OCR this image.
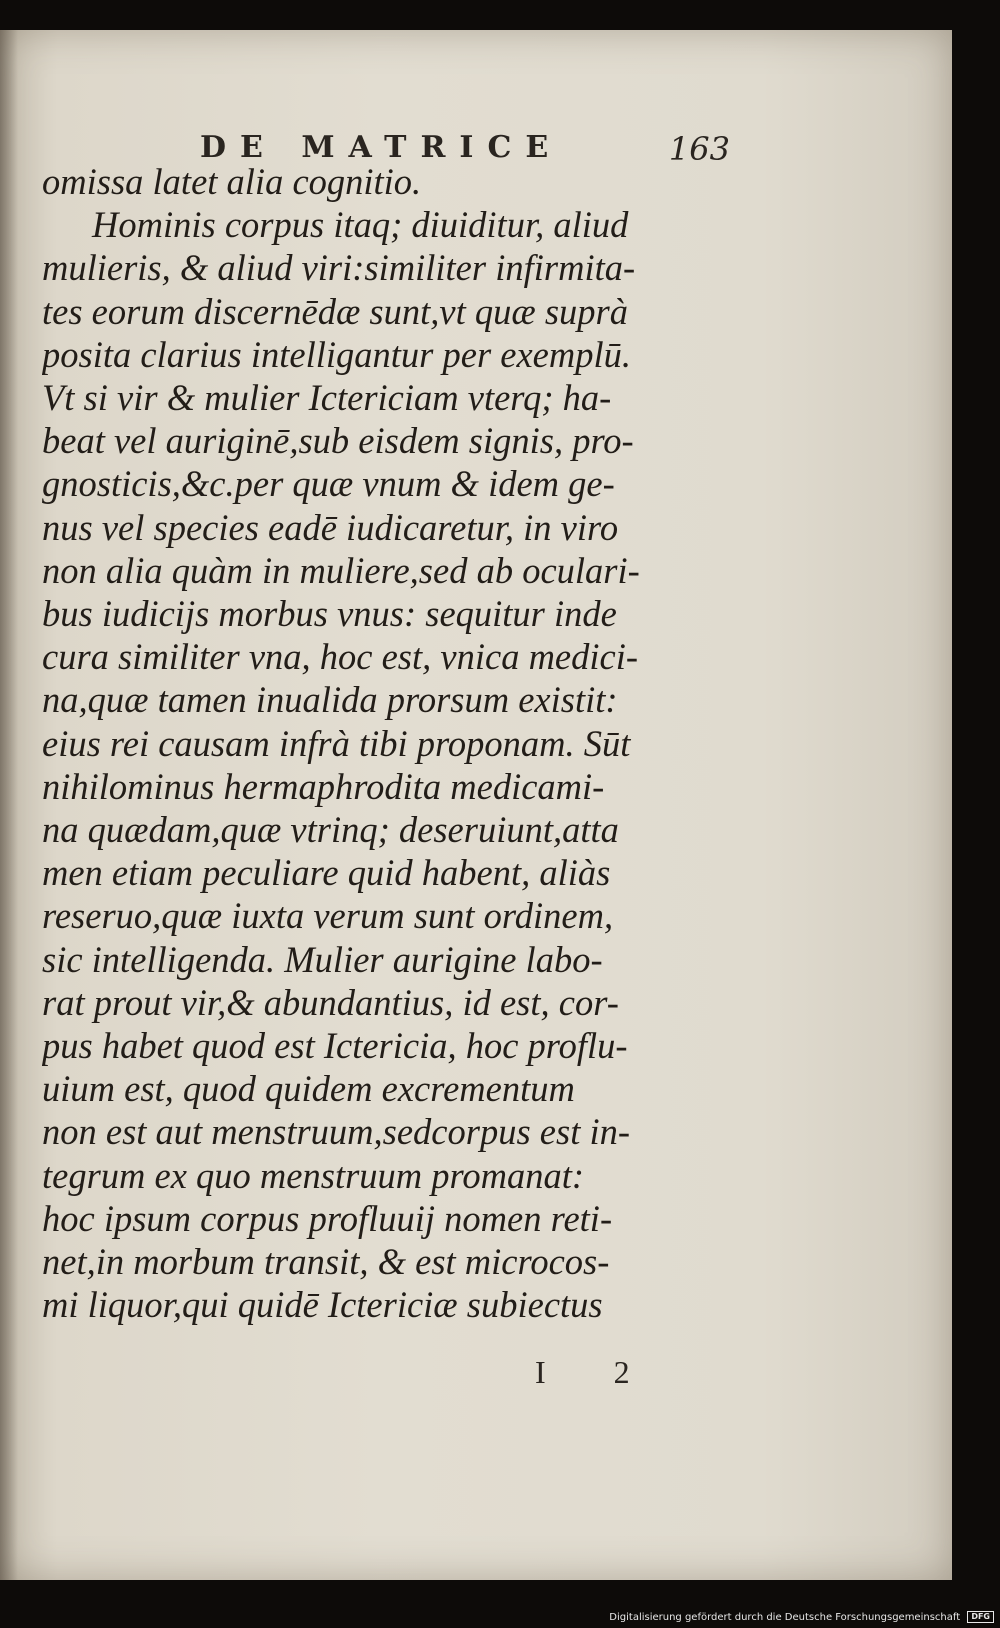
DE MATRICE	163
omissa latet alia cognitio.
Hominis corpus itaq; diuiditur, aliud
mulieris, & aliud viri:similiter infirmita-
tes eorum discernēdæ sunt,vt quæ suprà
posita clarius intelligantur per exemplū.
Vt si vir & mulier Ictericiam vterq; ha-
beat vel auriginē,sub eisdem signis, pro-
gnosticis,&c.per quæ vnum & idem ge-
nus vel species eadē iudicaretur, in viro
non alia quàm in muliere,sed ab oculari-
bus iudicijs morbus vnus: sequitur inde
cura similiter vna, hoc est, vnica medici-
na,quæ tamen inualida prorsum existit:
eius rei causam infrà tibi proponam. Sūt
nihilominus hermaphrodita medicami-
na quædam,quæ vtrinq; deseruiunt,atta
men etiam peculiare quid habent, aliàs
reseruo,quæ iuxta verum sunt ordinem,
sic intelligenda. Mulier aurigine labo-
rat prout vir,& abundantius, id est, cor-
pus habet quod est Ictericia, hoc proflu-
uium est, quod quidem excrementum
non est aut menstruum,sedcorpus est in-
tegrum ex quo menstruum promanat:
hoc ipsum corpus profluuij nomen reti-
net,in morbum transit, & est microcos-
mi liquor,qui quidē Ictericiæ subiectus
I 2
Digitalisierung gefördert durch die Deutsche Forschungsgemeinschaft DFG
